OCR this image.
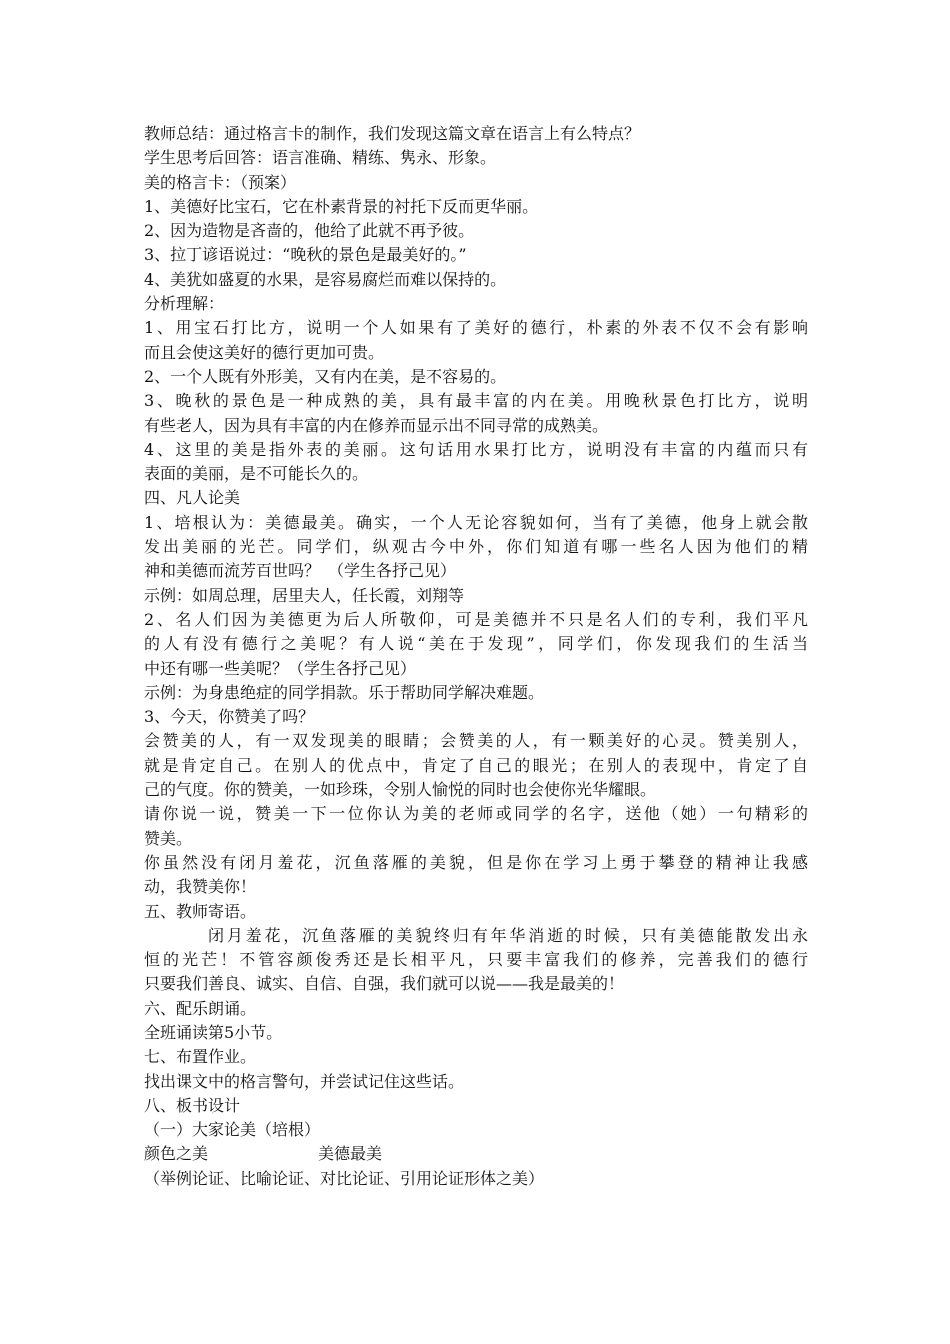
教师总结：通过格言卡的制作，我们发现这篇文章在语言上有么特点？
学生思考后回答：语言准确、精练、隽永、形象。
美的格言卡：（预案）
1、美德好比宝石，它在朴素背景的衬托下反而更华丽。
2、因为造物是吝啬的，他给了此就不再予彼。
3、拉丁谚语说过：“晚秋的景色是最美好的。”
4、美犹如盛夏的水果，是容易腐烂而难以保持的。
分析理解：
1、用宝石打比方，说明一个人如果有了美好的德行，朴素的外表不仅不会有影响
而且会使这美好的德行更加可贵。
2、一个人既有外形美，又有内在美，是不容易的。
3、晚秋的景色是一种成熟的美，具有最丰富的内在美。用晚秋景色打比方，说明
有些老人，因为具有丰富的内在修养而显示出不同寻常的成熟美。
4、这里的美是指外表的美丽。这句话用水果打比方，说明没有丰富的内蕴而只有
表面的美丽，是不可能长久的。
四、凡人论美
1、培根认为：美德最美。确实，一个人无论容貌如何，当有了美德，他身上就会散
发出美丽的光芒。同学们，纵观古今中外，你们知道有哪一些名人因为他们的精
神和美德而流芳百世吗？　（学生各抒己见）
示例：如周总理，居里夫人，任长霞，刘翔等
2、名人们因为美德更为后人所敬仰，可是美德并不只是名人们的专利，我们平凡
的人有没有德行之美呢？有人说“美在于发现”，同学们，你发现我们的生活当
中还有哪一些美呢？（学生各抒己见）
示例：为身患绝症的同学捐款。乐于帮助同学解决难题。
3、今天，你赞美了吗？
会赞美的人，有一双发现美的眼睛；会赞美的人，有一颗美好的心灵。赞美别人，
就是肯定自己。在别人的优点中，肯定了自己的眼光；在别人的表现中，肯定了自
己的气度。你的赞美，一如珍珠，令别人愉悦的同时也会使你光华耀眼。
请你说一说，赞美一下一位你认为美的老师或同学的名字，送他（她）一句精彩的
赞美。
你虽然没有闭月羞花，沉鱼落雁的美貌，但是你在学习上勇于攀登的精神让我感
动，我赞美你！
五、教师寄语。
闭月羞花，沉鱼落雁的美貌终归有年华消逝的时候，只有美德能散发出永
恒的光芒！不管容颜俊秀还是长相平凡，只要丰富我们的修养，完善我们的德行
只要我们善良、诚实、自信、自强，我们就可以说——我是最美的！
六、配乐朗诵。
全班诵读第5小节。
七、布置作业。
找出课文中的格言警句，并尝试记住这些话。
八、板书设计
（一）大家论美（培根）
颜色之美	美德最美
（举例论证、比喻论证、对比论证、引用论证形体之美）
